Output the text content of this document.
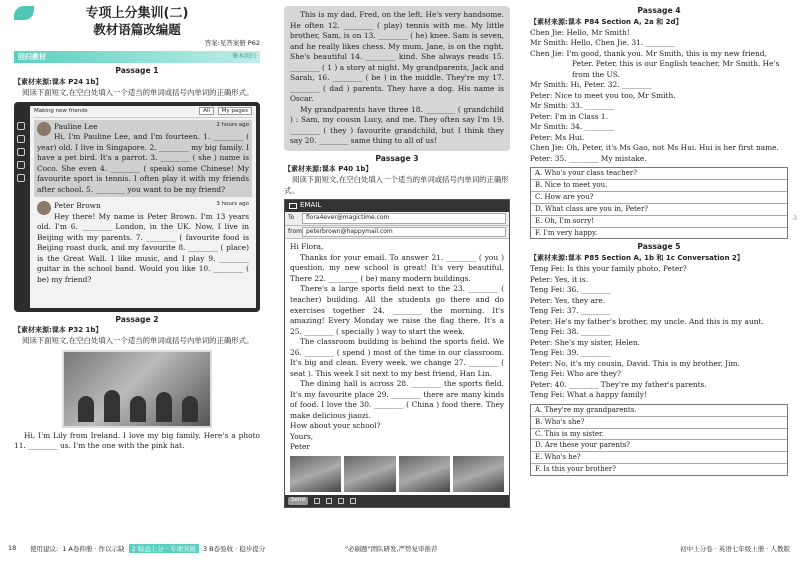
专项上分集训(二)
教材语篇改编题
答案:见答案册 P62
回归教材	课本回归
Passage 1
【素材来源:课本 P24 1b】
阅读下面短文,在空白处填入一个适当的单词或括号内单词的正确形式。
Making new friends	All My pages
Pauline Lee	2 hours ago
Hi, I'm Pauline Lee, and I'm fourteen. 1. ________ ( year) old. I live in Singapore. 2. ________ my big family. I have a pet bird. It's a parrot. 3. ________ ( she ) name is Coco. She even 4. ________ ( speak) some Chinese! My favourite sport is tennis. I often play it with my friends after school. 5. ________ you want to be my friend?
Peter Brown	3 hours ago
Hey there! My name is Peter Brown. I'm 13 years old. I'm 6. ________ London, in the UK. Now, I live in Beijing with my parents. 7. ________ ( favourite food is Beijing roast duck, and my favourite 8. ________ ( place) is the Great Wall. I like music, and I play 9. ________ guitar in the school band. Would you like 10. ________ ( be) my friend?
Passage 2
【素材来源:课本 P32 1b】
阅读下面短文,在空白处填入一个适当的单词或括号内单词的正确形式。
Hi, I'm Lily from Ireland. I love my big family. Here's a photo 11. ________ us. I'm the one with the pink hat.
This is my dad, Fred, on the left. He's very handsome. He often 12. ________ ( play) tennis with me. My little brother, Sam, is on 13. ________ ( he) knee. Sam is seven, and he really likes chess. My mum, Jane, is on the right. She's beautiful 14. ________ kind. She always reads 15. ________ ( 1 ) a story at night. My grandparents, Jack and Sarah, 16. ________ ( be ) in the middle. They're my 17. ________ ( dad ) parents. They have a dog. His name is Oscar.
My grandparents have three 18. ________ ( grandchild ) : Sam, my cousin Lucy, and me. They often say I'm 19. ________ ( they ) favourite grandchild, but I think they say 20. ________ same thing to all of us!
Passage 3
【素材来源:课本 P40 1b】
阅读下面短文,在空白处填入一个适当的单词或括号内单词的正确形式。
EMAIL
To	flora4ever@magictime.com
from peterbrown@happymail.com
Hi Flora,
Thanks for your email. To answer 21. ________ ( you ) question, my new school is great! It's very beautiful. There 22. ________ ( be) many modern buildings.
There's a large sports field next to the 23. ________ ( teacher) building. All the students go there and do exercises together 24. ________ the morning. It's amazing! Every Monday we raise the flag there. It's a 25. ________ ( specially ) way to start the week.
The classroom building is behind the sports field. We 26. ________ ( spend ) most of the time in our classroom. It's big and clean. Every week, we change 27. ________ ( seat ). This week I sit next to my best friend, Han Lin.
The dining hall is across 28. ________ the sports field. It's my favourite place 29. ________ there are many kinds of food. I love the 30. ________ ( China ) food there. They make delicious jiaozi.
How about your school?
Yours,
Peter
Send
Passage 4
【素材来源:课本 P84 Section A, 2a 和 2d】
Chen Jie: Hello, Mr Smith!
Mr Smith: Hello, Chen Jie. 31. ________
Chen Jie: I'm good, thank you. Mr Smith, this is my new friend, Peter. Peter, this is our English teacher, Mr Smith. He's from the US.
Mr Smith: Hi, Peter. 32. ________
Peter: Nice to meet you too, Mr Smith.
Mr Smith: 33. ________
Peter: I'm in Class 1.
Mr Smith: 34. ________
Peter: Ms Hui.
Chen Jie: Oh, Peter, it's Ms Gao, not Ms Hui. Hui is her first name.
Peter: 35. ________ My mistake.
A. Who's your class teacher?
B. Nice to meet you.
C. How are you?
D. What class are you in, Peter?
E. Oh, I'm sorry!
F. I'm very happy.
Passage 5
【素材来源:课本 P85 Section A, 1b 和 1c Conversation 2】
Teng Fei: Is this your family photo, Peter?
Peter: Yes, it is.
Teng Fei: 36. ________
Peter: Yes, they are.
Teng Fei: 37. ________
Peter: He's my father's brother, my uncle. And this is my aunt.
Teng Fei: 38. ________
Peter: She's my sister, Helen.
Teng Fei: 39. ________
Peter: No, it's my cousin, David. This is my brother, Jim.
Teng Fei: Who are they?
Peter: 40. ________ They're my father's parents.
Teng Fei: What a happy family!
A. They're my grandparents.
B. Who's she?
C. This is my sister.
D. Are these your parents?
E. Who's he?
F. Is this your brother?
-3
18 使用建议: 1 A卷仰册 · 作以示缺	2 暗盘上分 · 专项突破	3 B卷验收 · 稳步提分	"必刷题"团队研发,严势复审推荐	初中上分卷 · 英语七年级上册 · 人教版
